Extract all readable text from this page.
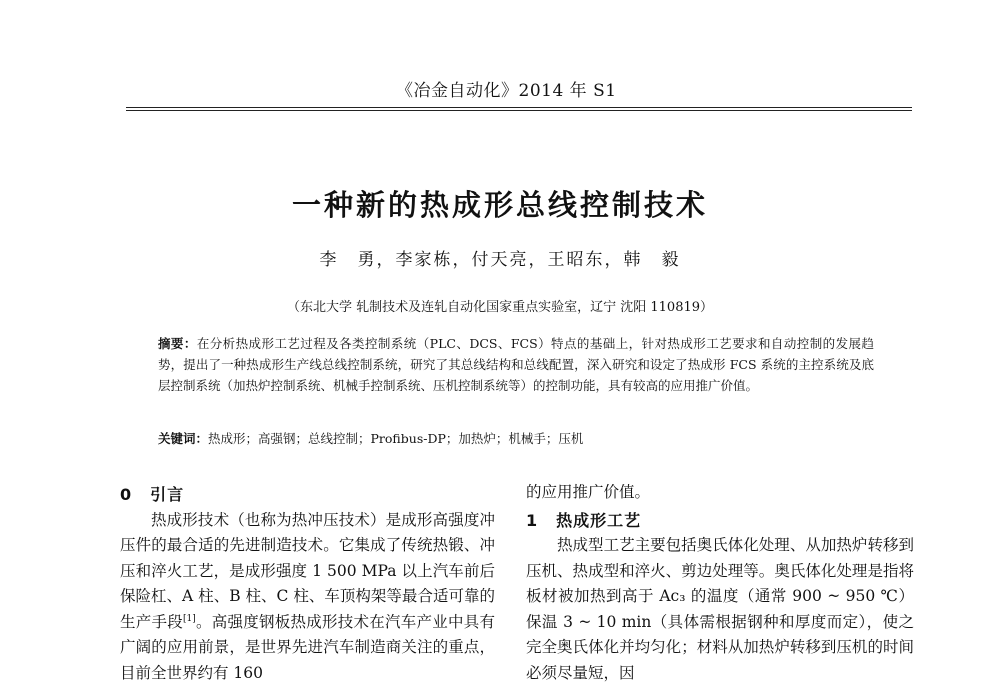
《冶金自动化》2014 年 S1
一种新的热成形总线控制技术
李　勇，李家栋，付天亮，王昭东，韩　毅
（东北大学 轧制技术及连轧自动化国家重点实验室，辽宁 沈阳 110819）
摘要：在分析热成形工艺过程及各类控制系统（PLC、DCS、FCS）特点的基础上，针对热成形工艺要求和自动控制的发展趋势，提出了一种热成形生产线总线控制系统，研究了其总线结构和总线配置，深入研究和设定了热成形 FCS 系统的主控系统及底层控制系统（加热炉控制系统、机械手控制系统、压机控制系统等）的控制功能，具有较高的应用推广价值。
关键词：热成形；高强钢；总线控制；Profibus-DP；加热炉；机械手；压机
0 引言

热成形技术（也称为热冲压技术）是成形高强度冲压件的最合适的先进制造技术。它集成了传统热锻、冲压和淬火工艺，是成形强度 1 500 MPa 以上汽车前后保险杠、A 柱、B 柱、C 柱、车顶构架等最合适可靠的生产手段[1]。高强度钢板热成形技术在汽车产业中具有广阔的应用前景，是世界先进汽车制造商关注的重点，目前全世界约有 160

的应用推广价值。

1 热成形工艺

热成型工艺主要包括奥氏体化处理、从加热炉转移到压机、热成型和淬火、剪边处理等。奥氏体化处理是指将板材被加热到高于 Ac₃ 的温度（通常 900 ~ 950 ℃）保温 3 ~ 10 min（具体需根据钢种和厚度而定），使之完全奥氏体化并均匀化；材料从加热炉转移到压机的时间必须尽量短，因
